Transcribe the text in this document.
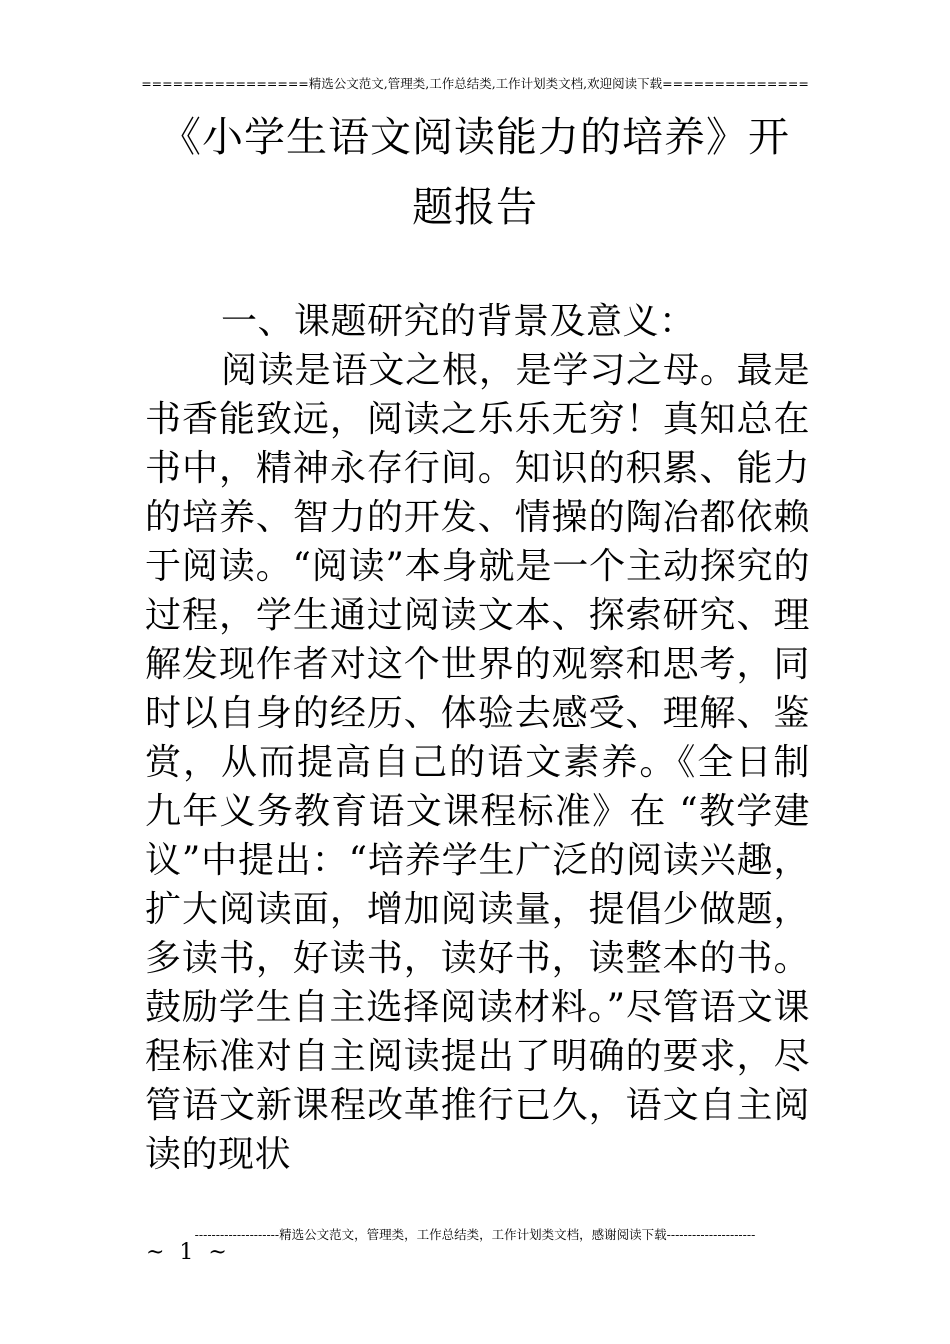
================精选公文范文,管理类,工作总结类,工作计划类文档,欢迎阅读下载==============
《小学生语文阅读能力的培养》开题报告

一、课题研究的背景及意义：

阅读是语文之根，是学习之母。最是书香能致远，阅读之乐乐无穷！真知总在书中，精神永存行间。知识的积累、能力的培养、智力的开发、情操的陶冶都依赖于阅读。“阅读”本身就是一个主动探究的过程，学生通过阅读文本、探索研究、理解发现作者对这个世界的观察和思考，同时以自身的经历、体验去感受、理解、鉴赏，从而提高自己的语文素养。《全日制九年义务教育语文课程标准》在 “教学建议”中提出：“培养学生广泛的阅读兴趣，扩大阅读面，增加阅读量，提倡少做题，多读书，好读书，读好书，读整本的书。鼓励学生自主选择阅读材料。”尽管语文课程标准对自主阅读提出了明确的要求，尽管语文新课程改革推行已久，语文自主阅读的现状

--------------------精选公文范文，管理类，工作总结类，工作计划类文档，感谢阅读下载---------------------
~ 1 ~
